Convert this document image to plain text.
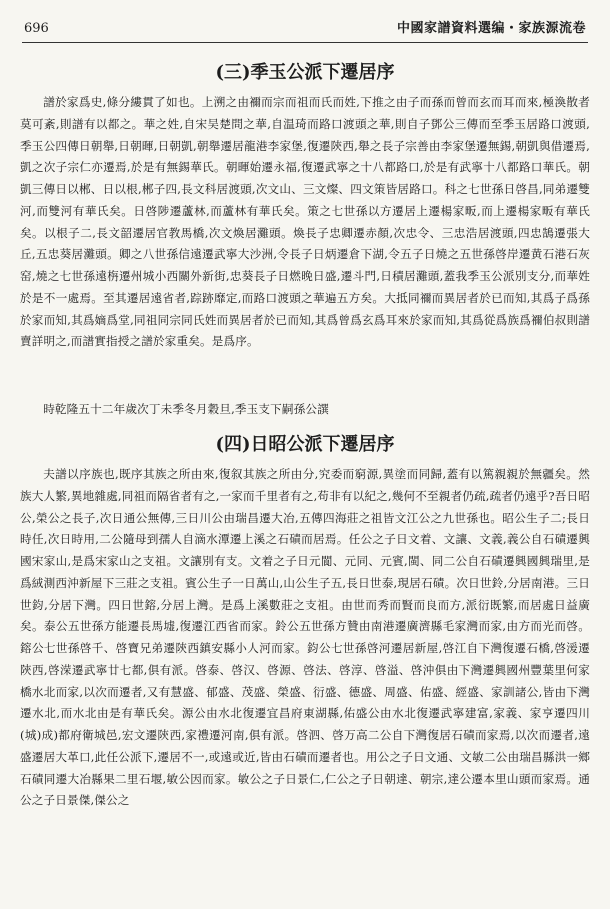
696	中國家譜資料選编・家族源流卷
(三)季玉公派下遷居序

譜於家爲史,條分縷貫了如也。上溯之由禰而宗而祖而氏而姓,下推之由子而孫而曾而玄而耳而來,極渙散者莫可紊,則譜有以都之。華之姓,自宋吴楚問之華,自温琦而路口渡頭之華,則自子鄧公三傳而至季玉居路口渡頭,季玉公四傳日朝舉,日朝暉,日朝凱,朝舉遷居龍港李家堡,復遷陝西,舉之長子宗善由李家堡遷無錫,朝凱與借遷焉,凱之次子宗仁亦遷焉,於是有無錫華氏。朝暉始遷永福,復遷武寧之十八都路口,於是有武寧十八都路口華氏。朝凱三傳日以郴、日以根,郴子四,長文科居渡頭,次文山、三文燦、四文策皆居路口。科之七世孫日啓昌,同弟遷雙河,而雙河有華氏矣。日啓陟遷蘆林,而蘆林有華氏矣。策之七世孫以方遷居上遷楊家畈,而上遷楊家畈有華氏矣。以根子二,長文韶遷居官教馬橋,次文煥居灘頭。煥長子忠卿遷赤顏,次忠令、三忠浩居渡頭,四忠鵠遷張大丘,五忠葵居灘頭。卿之八世孫信遠遷武寧大沙洲,令長子日炳遷倉下湖,令五子日燒之五世孫啓岸遷黄石港石灰窑,燒之七世孫遠栴遷州城小西關外新街,忠葵長子日燃晚日盛,遷斗門,日積居灘頭,蓋我季玉公派別支分,而華姓於是不一處焉。至其遷居遠省者,踪跡靡定,而路口渡頭之華遍五方矣。大抵同禰而異居者於已而知,其爲子爲孫於家而知,其爲嫡爲堂,同祖同宗同氏姓而異居者於已而知,其爲曾爲玄爲耳來於家而知,其爲從爲族爲禰伯叔則譜賣詳明之,而譜實指授之譜於家重矣。是爲序。

時乾隆五十二年歲次丁未季冬月穀旦,季玉支下嗣孫公譔

(四)日昭公派下遷居序

夫譜以序族也,既序其族之所由來,復叙其族之所由分,究委而窮源,異塗而同歸,蓋有以篤親親於無疆矣。然族大人繁,異地雜處,同祖而隔省者有之,一家而千里者有之,苟非有以紀之,幾何不至親者仍疏,疏者仍遠乎?吾日昭公,榮公之長子,次日通公無傳,三日川公由瑞昌遷大冶,五傳四海莊之祖皆文江公之九世孫也。昭公生子二;長日時任,次日時用,二公隨母到孺人自滴水潭遷上溪之石磧而居焉。任公之子日文着、文讓、文義,義公自石磧遷興國宋家山,是爲宋家山之支祖。文讓別有支。文着之子日元閬、元同、元賓,閩、同二公自石磧遷興國興瑞里,是爲絨測西沖新屋下三莊之支祖。賓公生子一日萬山,山公生子五,長日世泰,現居石磧。次日世鈴,分居南港。三日世鈞,分居下灣。四日世鎔,分居上灣。是爲上溪數莊之支祖。由世而秀而賢而良而方,派衍既繁,而居處日益廣矣。泰公五世孫方能遷長馬墟,復遷江西省而家。鈴公五世孫方贊由南港遷廣濟縣毛家灣而家,由方而光而啓。鎔公七世孫啓千、啓寶兄弟遷陝西鎮安縣小人河而家。鈞公七世孫啓河遷居新屋,啓江自下灣復遷石橋,啓湲遷陝西,啓溁遷武寧廿七都,俱有派。啓泰、啓汉、啓源、啓法、啓淳、啓溢、啓沖俱由下灣遷興國州豐葉里何家橋水北而家,以次而遷者,又有慧盛、郁盛、茂盛、榮盛、衍盛、德盛、周盛、佑盛、經盛、家訓諸公,皆由下灣遷水北,而水北由是有華氏矣。源公由水北復遷宜昌府東湖縣,佑盛公由水北復遷武寧建富,家義、家亨遷四川(城)成)都府衛城邑,宏文遷陝西,家禮遷河南,俱有派。啓泗、啓万高二公自下灣復居石磧而家焉,以次而遷者,遠盛遷居大革口,此任公派下,遷居不一,或遠或近,皆由石磧而遷者也。用公之子日文通、文敏二公由瑞昌縣洪一鄉石磧同遷大冶縣果二里石堰,敏公因而家。敏公之子日景仁,仁公之子日朝達、朝宗,達公遷本里山頭而家焉。通公之子日景傑,傑公之
